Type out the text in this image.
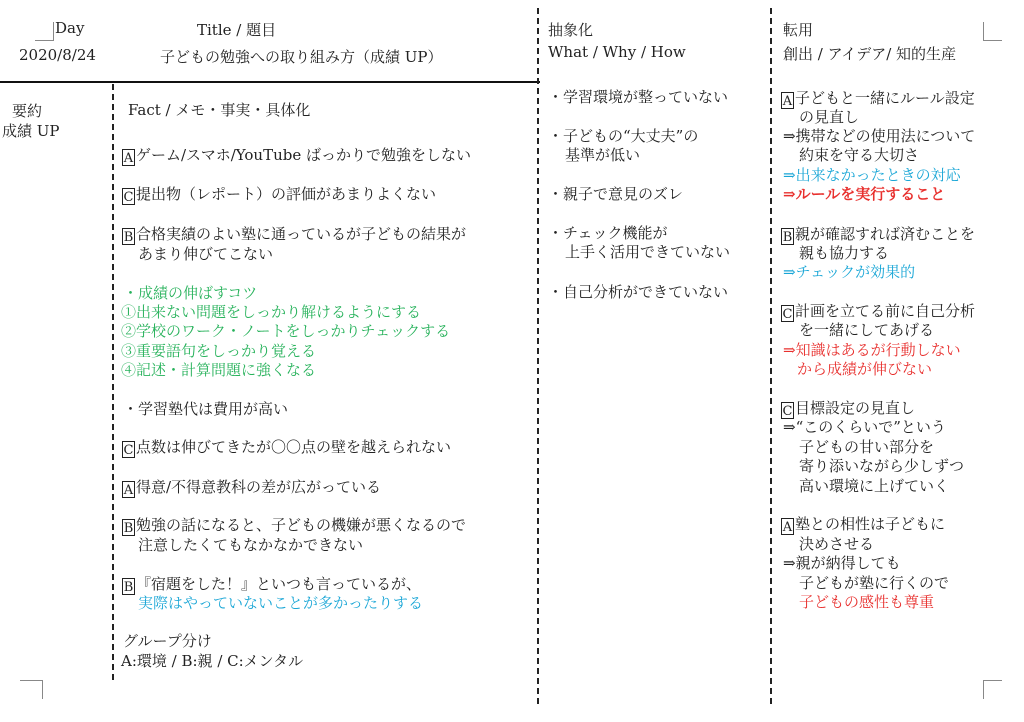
Day
2020/8/24
Title / 題目
子どもの勉強への取り組み方（成績 UP）
要約
成績 UP
Fact / メモ・事実・具体化
A ゲーム/スマホ/YouTube ばっかりで勉強をしない
C 提出物（レポート）の評価があまりよくない
B 合格実績のよい塾に通っているが子どもの結果が
あまり伸びてこない
・成績の伸ばすコツ
①出来ない問題をしっかり解けるようにする
②学校のワーク・ノートをしっかりチェックする
③重要語句をしっかり覚える
④記述・計算問題に強くなる
・学習塾代は費用が高い
C 点数は伸びてきたが〇〇点の壁を越えられない
A 得意/不得意教科の差が広がっている
B 勉強の話になると、子どもの機嫌が悪くなるので
注意したくてもなかなかできない
B 『宿題をした！』といつも言っているが、
実際はやっていないことが多かったりする
グループ分け
A:環境 / B:親 / C:メンタル
抽象化
What / Why / How
・学習環境が整っていない
・子どもの“大丈夫”の
基準が低い
・親子で意見のズレ
・チェック機能が
上手く活用できていない
・自己分析ができていない
転用
創出 / アイデア/ 知的生産
A 子どもと一緒にルール設定
の見直し
⇒携帯などの使用法について
約束を守る大切さ
⇒出来なかったときの対応
⇒ルールを実行すること
B 親が確認すれば済むことを
親も協力する
⇒チェックが効果的
C 計画を立てる前に自己分析
を一緒にしてあげる
⇒知識はあるが行動しない
から成績が伸びない
C 目標設定の見直し
⇒“このくらいで”という
子どもの甘い部分を
寄り添いながら少しずつ
高い環境に上げていく
A 塾との相性は子どもに
決めさせる
⇒親が納得しても
子どもが塾に行くので
子どもの感性も尊重
